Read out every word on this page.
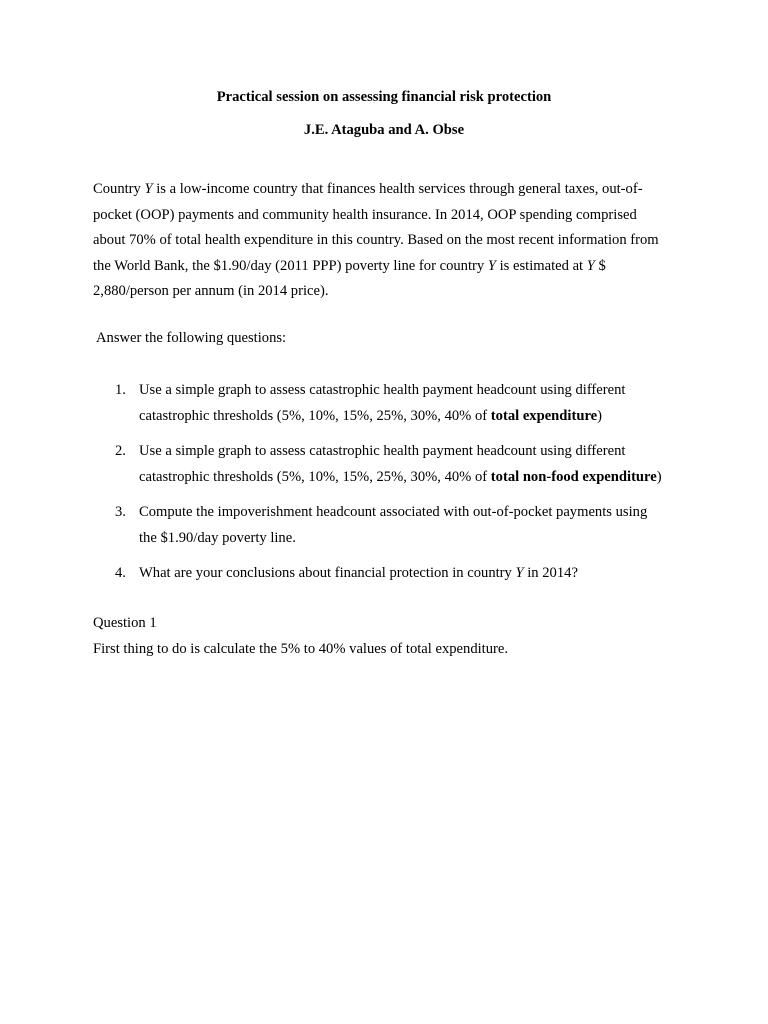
Practical session on assessing financial risk protection
J.E. Ataguba and A. Obse

Country Y is a low-income country that finances health services through general taxes, out-of-pocket (OOP) payments and community health insurance. In 2014, OOP spending comprised about 70% of total health expenditure in this country. Based on the most recent information from the World Bank, the $1.90/day (2011 PPP) poverty line for country Y is estimated at Y $ 2,880/person per annum (in 2014 price).

Answer the following questions:
1. Use a simple graph to assess catastrophic health payment headcount using different catastrophic thresholds (5%, 10%, 15%, 25%, 30%, 40% of total expenditure)
2. Use a simple graph to assess catastrophic health payment headcount using different catastrophic thresholds (5%, 10%, 15%, 25%, 30%, 40% of total non-food expenditure)
3. Compute the impoverishment headcount associated with out-of-pocket payments using the $1.90/day poverty line.
4. What are your conclusions about financial protection in country Y in 2014?
Question 1
First thing to do is calculate the 5% to 40% values of total expenditure.
